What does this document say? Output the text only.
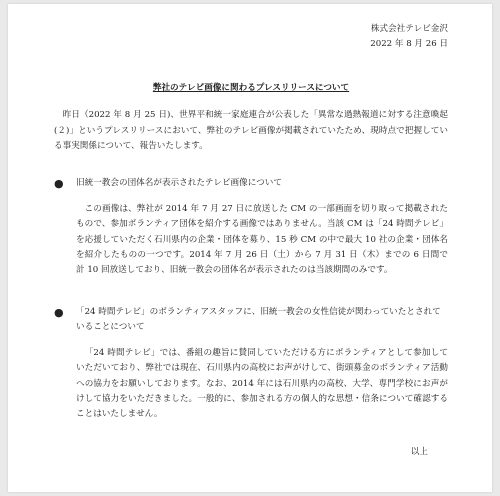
株式会社テレビ金沢

2022 年 8 月 26 日

弊社のテレビ画像に関わるプレスリリースについて

昨日（2022 年 8 月 25 日)、世界平和統一家庭連合が公表した「異常な過熱報道に対する注意喚起(２)」というプレスリリースにおいて、弊社のテレビ画像が掲載されていたため、現時点で把握している事実関係について、報告いたします。

●	旧統一教会の団体名が表示されたテレビ画像について

この画像は、弊社が 2014 年 7 月 27 日に放送した CM の一部画面を切り取って掲載されたもので、参加ボランティア団体を紹介する画像ではありません。当該 CM は「24 時間テレビ」を応援していただく石川県内の企業・団体を募り、15 秒 CM の中で最大 10 社の企業・団体名を紹介したものの一つです。2014 年 7 月 26 日（土）から 7 月 31 日（木）までの 6 日間で計 10 回放送しており、旧統一教会の団体名が表示されたのは当該期間のみです。

●	「24 時間テレビ」のボランティアスタッフに、旧統一教会の女性信徒が関わっていたとされていることについて

「24 時間テレビ」では、番組の趣旨に賛同していただける方にボランティアとして参加していただいており、弊社では現在、石川県内の高校にお声がけして、街頭募金のボランティア活動への協力をお願いしております。なお、2014 年には石川県内の高校、大学、専門学校にお声がけして協力をいただきました。一般的に、参加される方の個人的な思想・信条について確認することはいたしません。

以上
